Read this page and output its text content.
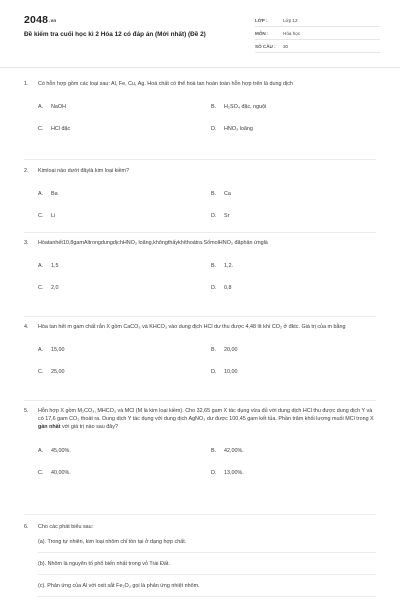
2048.vn
Đề kiểm tra cuối học kì 2 Hóa 12 có đáp án (Mới nhất) (Đề 2)
LỚP :	Lớp 12
MÔN :	Hóa học
SỐ CÂU :	30
1.	Có hỗn hợp gồm các loại sau: Al, Fe, Cu, Ag. Hoá chất có thể hoà tan hoàn toàn hỗn hợp trên là dung dịch
A.	NaOH	B.	H₂SO₄ đặc, nguội
C.	HCl đặc	D.	HNO₃ loãng
2.	Kimloại nào dưới đâylà kim loại kiềm?
A.	Ba	B.	Ca
C.	Li	D.	Sr
3.	Hòatanhết10,8gamAltrongdungdịchHNO₃ loãng,khôngthấykhíthoátra.SốmolHNO₃ đãphản ứnglà
A.	1,5	B.	1,2.
C.	2,0	D.	0,8
4.	Hòa tan hết m gam chất rắn X gồm CaCO₃ và KHCO₃ vào dung dịch HCl dư thu được 4,48 lít khí CO₂ ở đktc. Giá trị của m bằng
A.	15,00	B.	20,00
C.	25,00	D.	10,00
5.	Hỗn hợp X gồm M₂CO₃, MHCO₃ và MCl (M là kim loại kiềm). Cho 32,65 gam X tác dụng vừa đủ với dung dịch HCl thu được dung dịch Y và có 17,6 gam CO₂ thoát ra. Dung dịch Y tác dụng với dung dịch AgNO₃ dư được 100,45 gam kết tủa. Phần trăm khối lượng muối MCl trong X gần nhất với giá trị nào sau đây?
A.	45,00%.	B.	42,00%.
C.	40,00%.	D.	13,00%.
6.	Cho các phát biểu sau:
(a). Trong tự nhiên, kim loại nhôm chỉ tồn tại ở dạng hợp chất.
(b). Nhôm là nguyên tố phổ biến nhất trong vỏ Trái Đất.
(c). Phản ứng của Al với oxit sắt Fe₂O₃ gọi là phản ứng nhiệt nhôm.
